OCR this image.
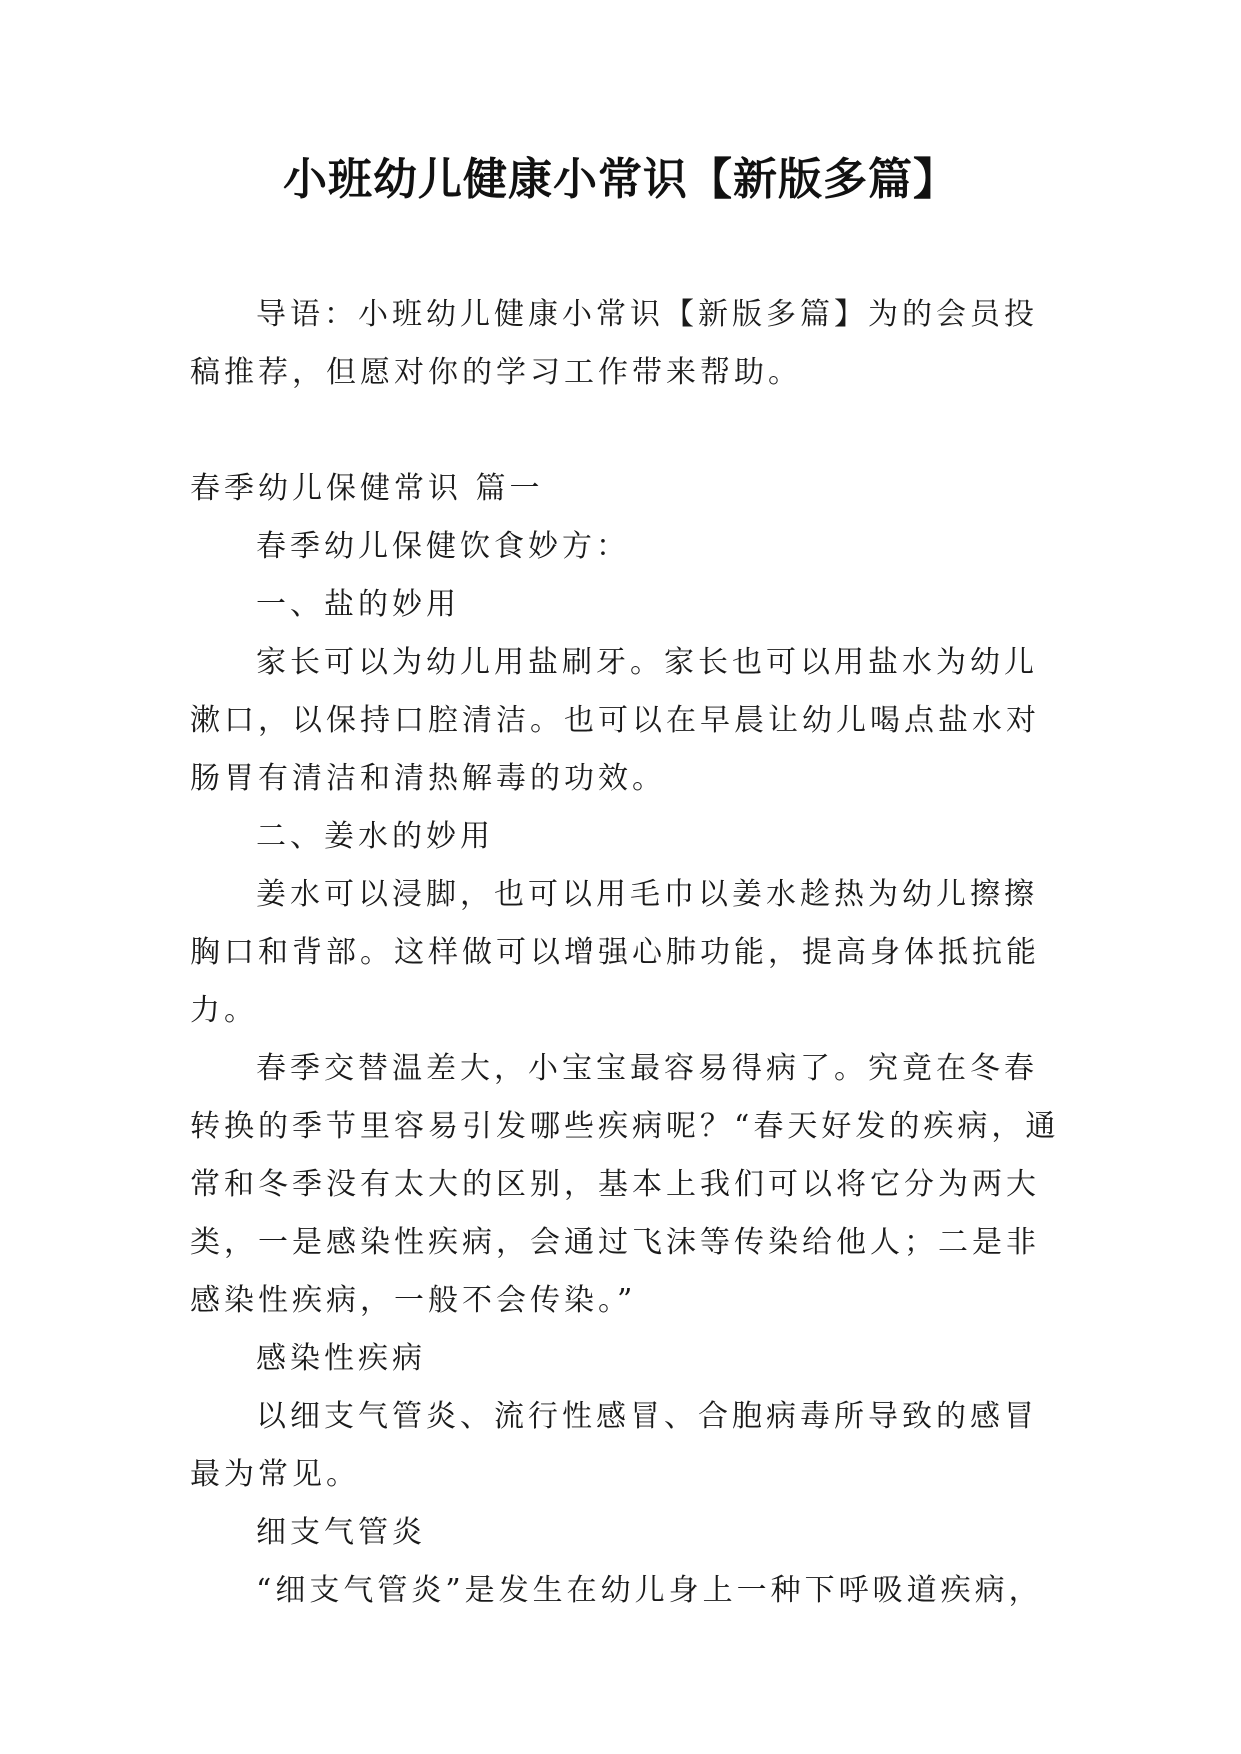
小班幼儿健康小常识【新版多篇】

导语：小班幼儿健康小常识【新版多篇】为的会员投稿推荐，但愿对你的学习工作带来帮助。

春季幼儿保健常识 篇一

春季幼儿保健饮食妙方：

一、盐的妙用

家长可以为幼儿用盐刷牙。家长也可以用盐水为幼儿漱口，以保持口腔清洁。也可以在早晨让幼儿喝点盐水对肠胃有清洁和清热解毒的功效。

二、姜水的妙用

姜水可以浸脚，也可以用毛巾以姜水趁热为幼儿擦擦胸口和背部。这样做可以增强心肺功能，提高身体抵抗能力。

春季交替温差大，小宝宝最容易得病了。究竟在冬春转换的季节里容易引发哪些疾病呢？“春天好发的疾病，通常和冬季没有太大的区别，基本上我们可以将它分为两大类，一是感染性疾病，会通过飞沫等传染给他人；二是非感染性疾病，一般不会传染。”

感染性疾病

以细支气管炎、流行性感冒、合胞病毒所导致的感冒最为常见。

细支气管炎

“细支气管炎”是发生在幼儿身上一种下呼吸道疾病，
